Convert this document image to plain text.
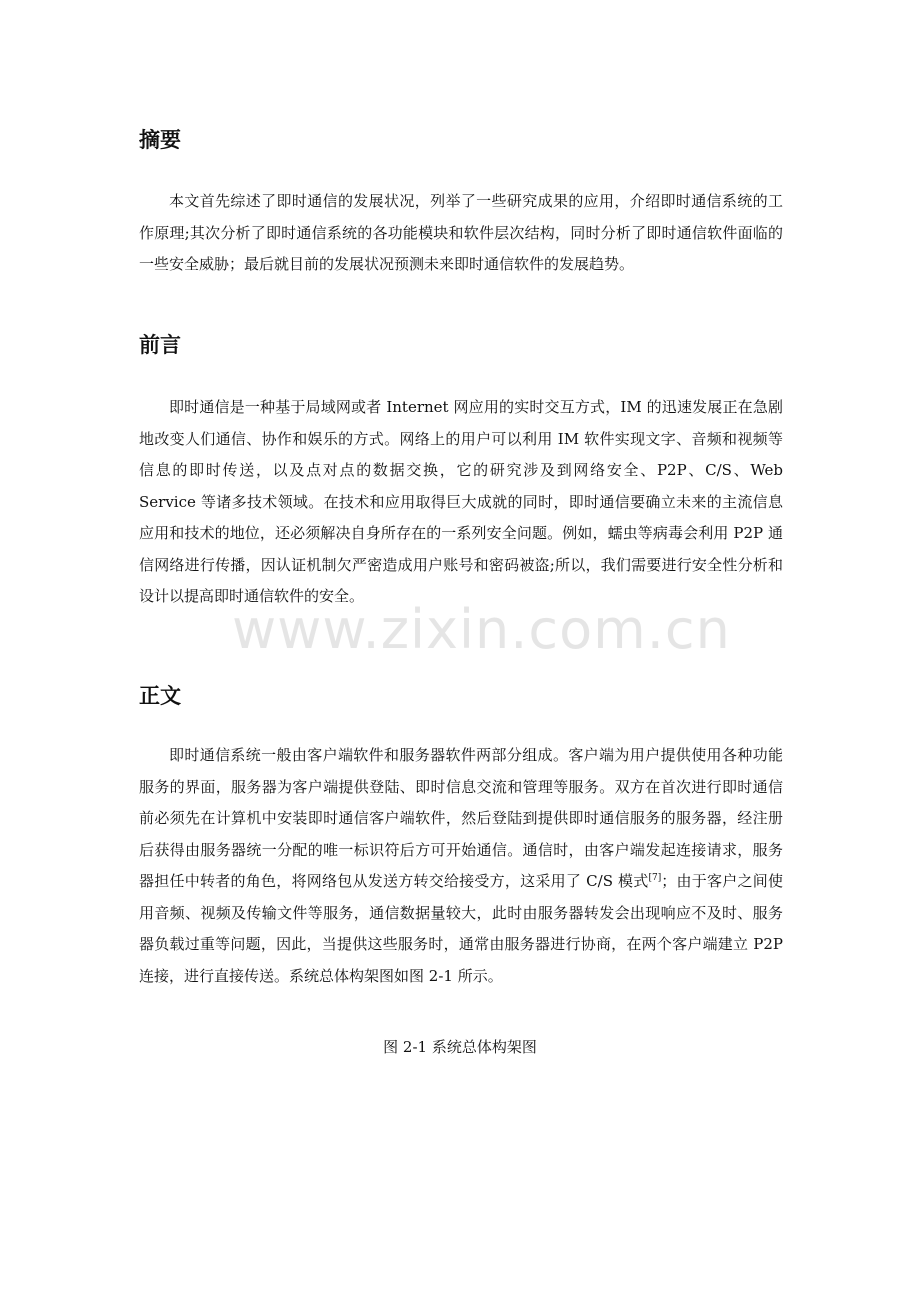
摘要

本文首先综述了即时通信的发展状况，列举了一些研究成果的应用，介绍即时通信系统的工作原理;其次分析了即时通信系统的各功能模块和软件层次结构，同时分析了即时通信软件面临的一些安全威胁；最后就目前的发展状况预测未来即时通信软件的发展趋势。

前言

即时通信是一种基于局域网或者 Internet 网应用的实时交互方式，IM 的迅速发展正在急剧地改变人们通信、协作和娱乐的方式。网络上的用户可以利用 IM 软件实现文字、音频和视频等信息的即时传送，以及点对点的数据交换，它的研究涉及到网络安全、P2P、C/S、Web Service 等诸多技术领域。在技术和应用取得巨大成就的同时，即时通信要确立未来的主流信息应用和技术的地位，还必须解决自身所存在的一系列安全问题。例如，蠕虫等病毒会利用 P2P 通信网络进行传播，因认证机制欠严密造成用户账号和密码被盗;所以，我们需要进行安全性分析和设计以提高即时通信软件的安全。

正文

即时通信系统一般由客户端软件和服务器软件两部分组成。客户端为用户提供使用各种功能服务的界面，服务器为客户端提供登陆、即时信息交流和管理等服务。双方在首次进行即时通信前必须先在计算机中安装即时通信客户端软件，然后登陆到提供即时通信服务的服务器，经注册后获得由服务器统一分配的唯一标识符后方可开始通信。通信时，由客户端发起连接请求，服务器担任中转者的角色，将网络包从发送方转交给接受方，这采用了 C/S 模式[7]；由于客户之间使用音频、视频及传输文件等服务，通信数据量较大，此时由服务器转发会出现响应不及时、服务器负载过重等问题，因此，当提供这些服务时，通常由服务器进行协商，在两个客户端建立 P2P 连接，进行直接传送。系统总体构架图如图 2-1 所示。

图 2-1 系统总体构架图

www.zixin.com.cn
